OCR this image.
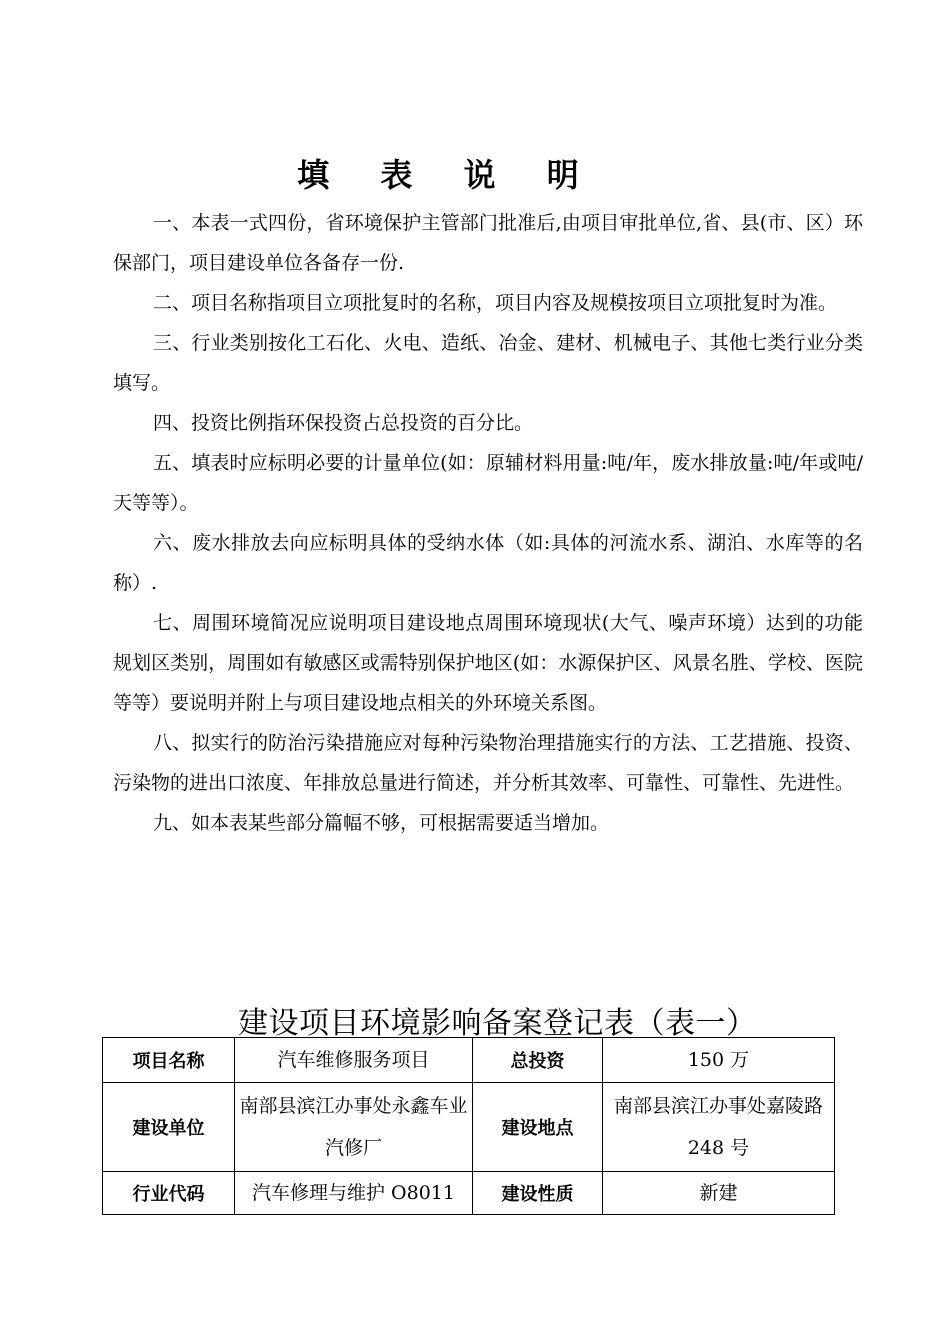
填 表 说 明

一、本表一式四份，省环境保护主管部门批准后,由项目审批单位,省、县(市、区）环保部门，项目建设单位各备存一份.

二、项目名称指项目立项批复时的名称，项目内容及规模按项目立项批复时为准。

三、行业类别按化工石化、火电、造纸、冶金、建材、机械电子、其他七类行业分类填写。

四、投资比例指环保投资占总投资的百分比。

五、填表时应标明必要的计量单位(如：原辅材料用量:吨/年，废水排放量:吨/年或吨/天等等）。

六、废水排放去向应标明具体的受纳水体（如:具体的河流水系、湖泊、水库等的名称）.

七、周围环境简况应说明项目建设地点周围环境现状(大气、噪声环境）达到的功能规划区类别，周围如有敏感区或需特别保护地区(如：水源保护区、风景名胜、学校、医院等等）要说明并附上与项目建设地点相关的外环境关系图。

八、拟实行的防治污染措施应对每种污染物治理措施实行的方法、工艺措施、投资、污染物的进出口浓度、年排放总量进行简述，并分析其效率、可靠性、可靠性、先进性。

九、如本表某些部分篇幅不够，可根据需要适当增加。

建设项目环境影响备案登记表（表一）
项目名称	汽车维修服务项目	总投资	150 万
建设单位	南部县滨江办事处永鑫车业汽修厂	建设地点	南部县滨江办事处嘉陵路 248 号
行业代码	汽车修理与维护 O8011	建设性质	新建
